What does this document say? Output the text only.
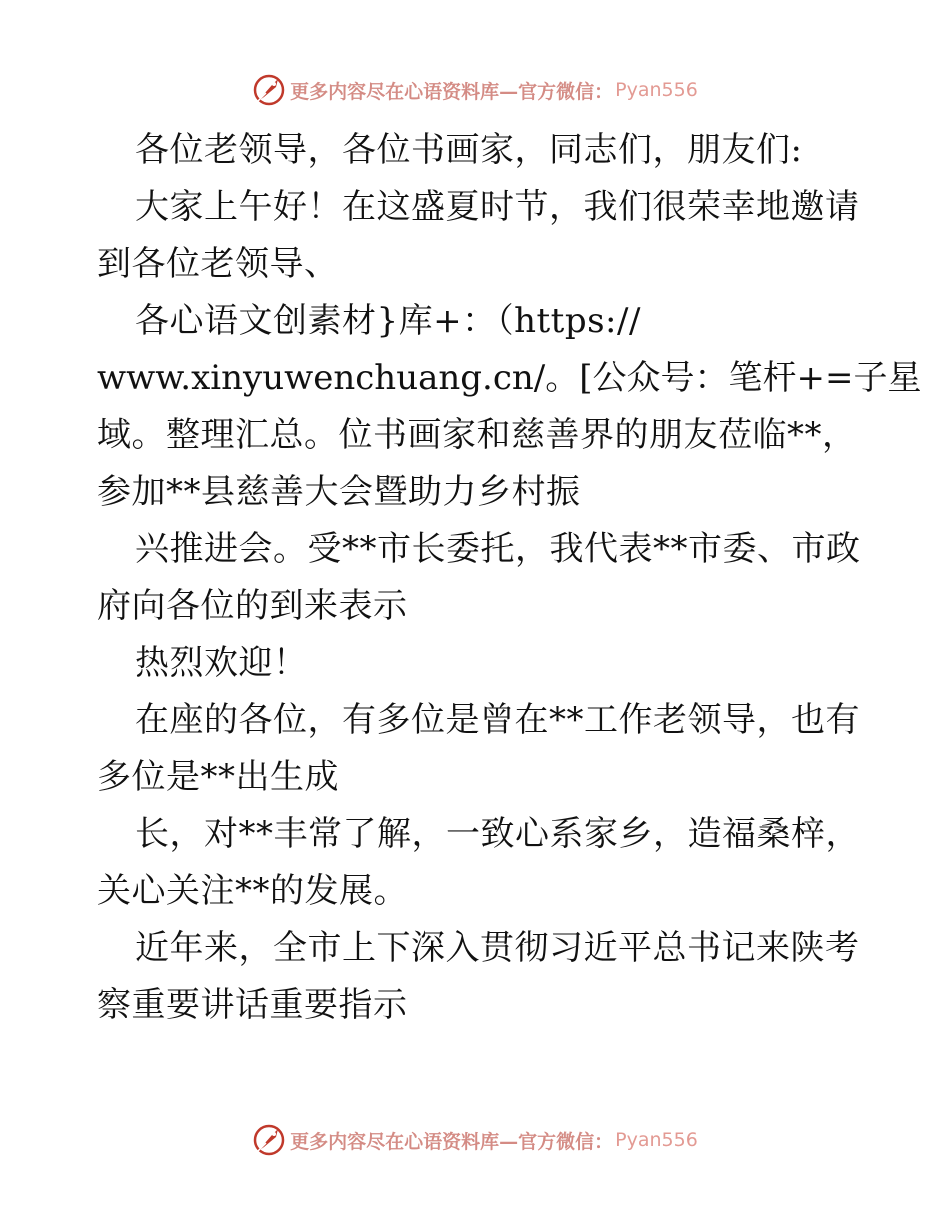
更多内容尽在心语资料库—官方微信： Pyan556
各位老领导，各位书画家，同志们，朋友们:
大家上午好！在这盛夏时节，我们很荣幸地邀请
到各位老领导、
各心语文创素材}库+：（https://
www.xinyuwenchuang.cn/。[公众号：笔杆+=子星
域。整理汇总。位书画家和慈善界的朋友莅临**，
参加**县慈善大会暨助力乡村振
兴推进会。受**市长委托，我代表**市委、市政
府向各位的到来表示
热烈欢迎！
在座的各位，有多位是曾在**工作老领导，也有
多位是**出生成
长，对**丰常了解，一致心系家乡，造福桑梓，
关心关注**的发展。
近年来，全市上下深入贯彻习近平总书记来陕考
察重要讲话重要指示
更多内容尽在心语资料库—官方微信： Pyan556
